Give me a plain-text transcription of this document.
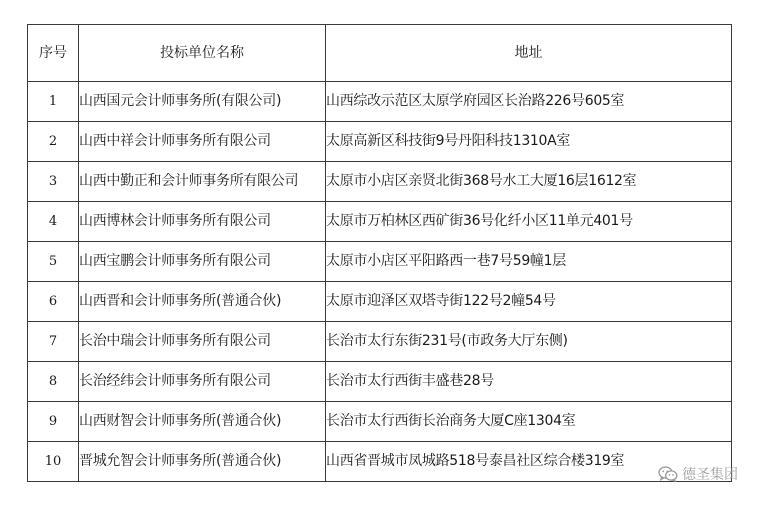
序号	投标单位名称	地址
1	山西国元会计师事务所(有限公司)	山西综改示范区太原学府园区长治路226号605室
2	山西中祥会计师事务所有限公司	太原高新区科技街9号丹阳科技1310A室
3	山西中勤正和会计师事务所有限公司	太原市小店区亲贤北街368号水工大厦16层1612室
4	山西博林会计师事务所有限公司	太原市万柏林区西矿街36号化纤小区11单元401号
5	山西宝鹏会计师事务所有限公司	太原市小店区平阳路西一巷7号59幢1层
6	山西晋和会计师事务所(普通合伙)	太原市迎泽区双塔寺街122号2幢54号
7	长治中瑞会计师事务所有限公司	长治市太行东街231号(市政务大厅东侧)
8	长治经纬会计师事务所有限公司	长治市太行西街丰盛巷28号
9	山西财智会计师事务所(普通合伙)	长治市太行西街长治商务大厦C座1304室
10	晋城允智会计师事务所(普通合伙)	山西省晋城市凤城路518号泰昌社区综合楼319室
德圣集团
